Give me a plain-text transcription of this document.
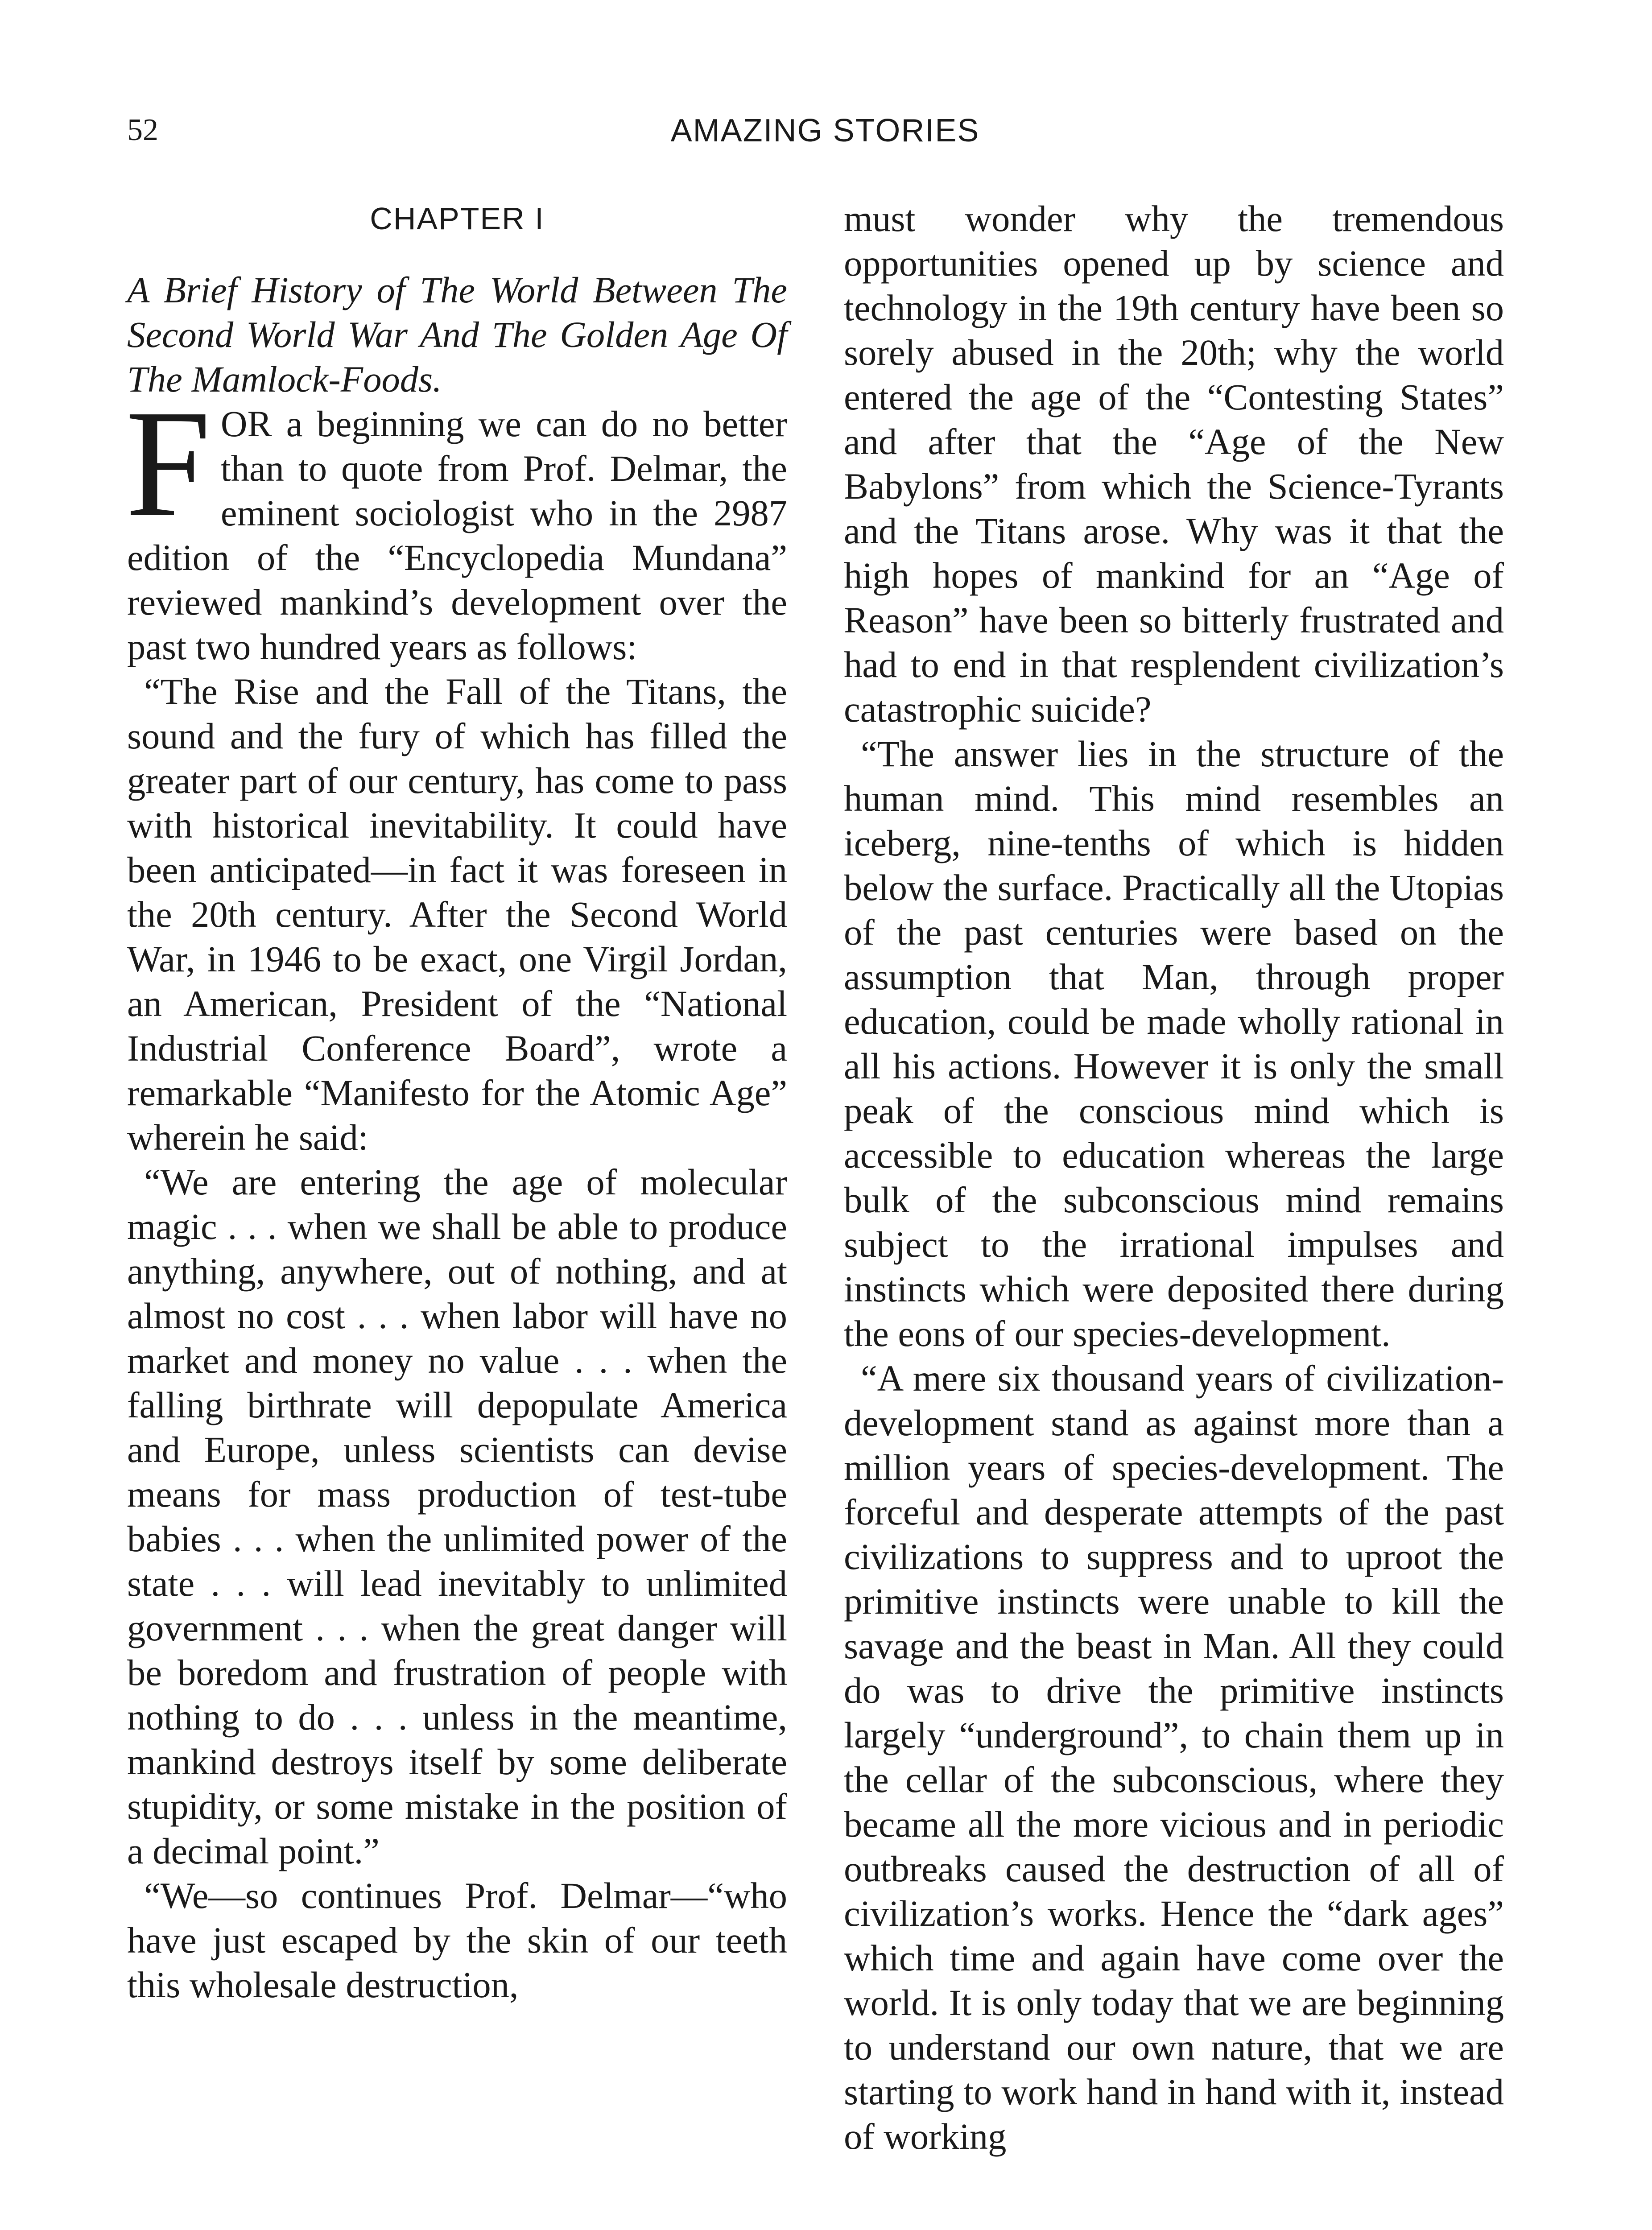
52	AMAZING STORIES
CHAPTER I

A Brief History of The World Between The Second World War And The Golden Age Of The Mamlock-Foods.

FOR a beginning we can do no better than to quote from Prof. Delmar, the eminent sociologist who in the 2987 edition of the “Encyclopedia Mundana” reviewed mankind’s development over the past two hundred years as follows:

“The Rise and the Fall of the Titans, the sound and the fury of which has filled the greater part of our century, has come to pass with historical inevitability. It could have been anticipated—in fact it was foreseen in the 20th century. After the Second World War, in 1946 to be exact, one Virgil Jordan, an American, President of the “National Industrial Conference Board”, wrote a remarkable “Manifesto for the Atomic Age” wherein he said:

“We are entering the age of molecular magic . . . when we shall be able to produce anything, anywhere, out of nothing, and at almost no cost . . . when labor will have no market and money no value . . . when the falling birthrate will depopulate America and Europe, unless scientists can devise means for mass production of test-tube babies . . . when the unlimited power of the state . . . will lead inevitably to unlimited government . . . when the great danger will be boredom and frustration of people with nothing to do . . . unless in the meantime, mankind destroys itself by some deliberate stupidity, or some mistake in the position of a decimal point.”

“We—so continues Prof. Delmar—“who have just escaped by the skin of our teeth this wholesale destruction,

must wonder why the tremendous opportunities opened up by science and technology in the 19th century have been so sorely abused in the 20th; why the world entered the age of the “Contesting States” and after that the “Age of the New Babylons” from which the Science-Tyrants and the Titans arose. Why was it that the high hopes of mankind for an “Age of Reason” have been so bitterly frustrated and had to end in that resplendent civilization’s catastrophic suicide?

“The answer lies in the structure of the human mind. This mind resembles an iceberg, nine-tenths of which is hidden below the surface. Practically all the Utopias of the past centuries were based on the assumption that Man, through proper education, could be made wholly rational in all his actions. However it is only the small peak of the conscious mind which is accessible to education whereas the large bulk of the subconscious mind remains subject to the irrational impulses and instincts which were deposited there during the eons of our species-development.

“A mere six thousand years of civilization-development stand as against more than a million years of species-development. The forceful and desperate attempts of the past civilizations to suppress and to uproot the primitive instincts were unable to kill the savage and the beast in Man. All they could do was to drive the primitive instincts largely “underground”, to chain them up in the cellar of the subconscious, where they became all the more vicious and in periodic outbreaks caused the destruction of all of civilization’s works. Hence the “dark ages” which time and again have come over the world. It is only today that we are beginning to understand our own nature, that we are starting to work hand in hand with it, instead of working
